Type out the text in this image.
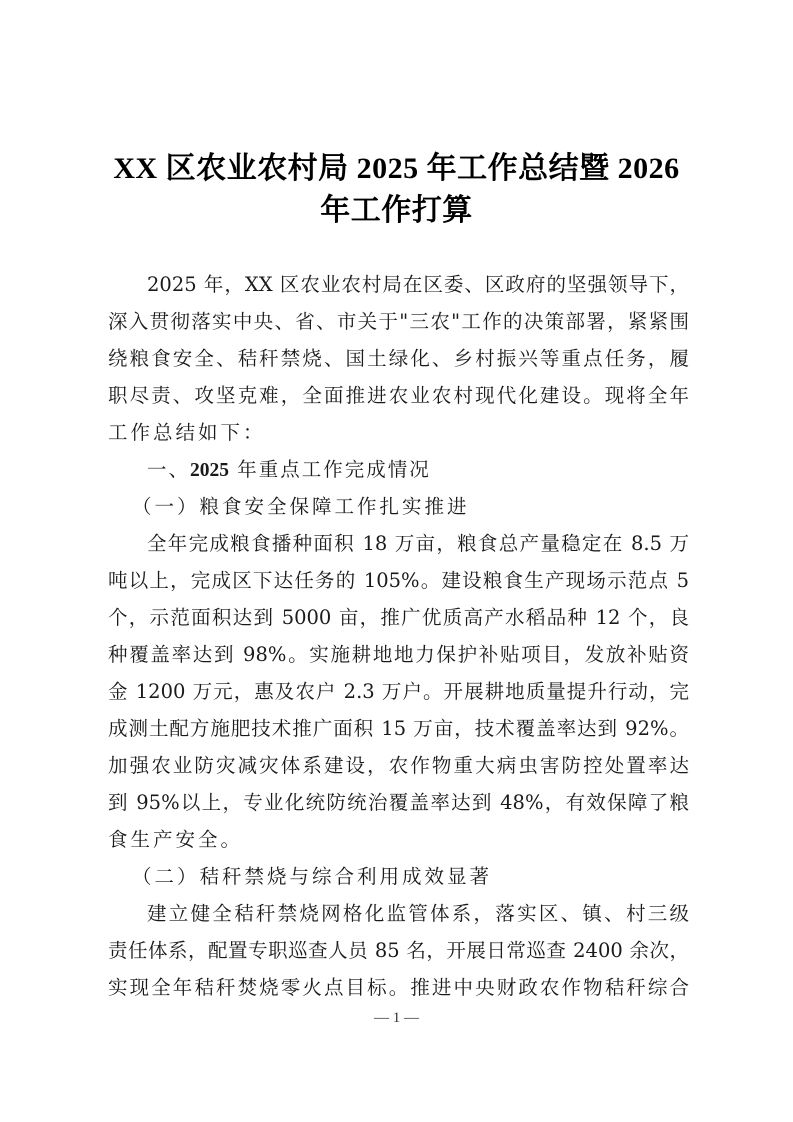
XX 区农业农村局 2025 年工作总结暨 2026
年工作打算
2025 年，XX 区农业农村局在区委、区政府的坚强领导下，
深入贯彻落实中央、省、市关于"三农"工作的决策部署，紧紧围
绕粮食安全、秸秆禁烧、国土绿化、乡村振兴等重点任务，履
职尽责、攻坚克难，全面推进农业农村现代化建设。现将全年
工作总结如下：
一、2025 年重点工作完成情况
（一）粮食安全保障工作扎实推进
全年完成粮食播种面积 18 万亩，粮食总产量稳定在 8.5 万
吨以上，完成区下达任务的 105%。建设粮食生产现场示范点 5
个，示范面积达到 5000 亩，推广优质高产水稻品种 12 个，良
种覆盖率达到 98%。实施耕地地力保护补贴项目，发放补贴资
金 1200 万元，惠及农户 2.3 万户。开展耕地质量提升行动，完
成测土配方施肥技术推广面积 15 万亩，技术覆盖率达到 92%。
加强农业防灾减灾体系建设，农作物重大病虫害防控处置率达
到 95%以上，专业化统防统治覆盖率达到 48%，有效保障了粮
食生产安全。
（二）秸秆禁烧与综合利用成效显著
建立健全秸秆禁烧网格化监管体系，落实区、镇、村三级
责任体系，配置专职巡查人员 85 名，开展日常巡查 2400 余次，
实现全年秸秆焚烧零火点目标。推进中央财政农作物秸秆综合
— 1 —
